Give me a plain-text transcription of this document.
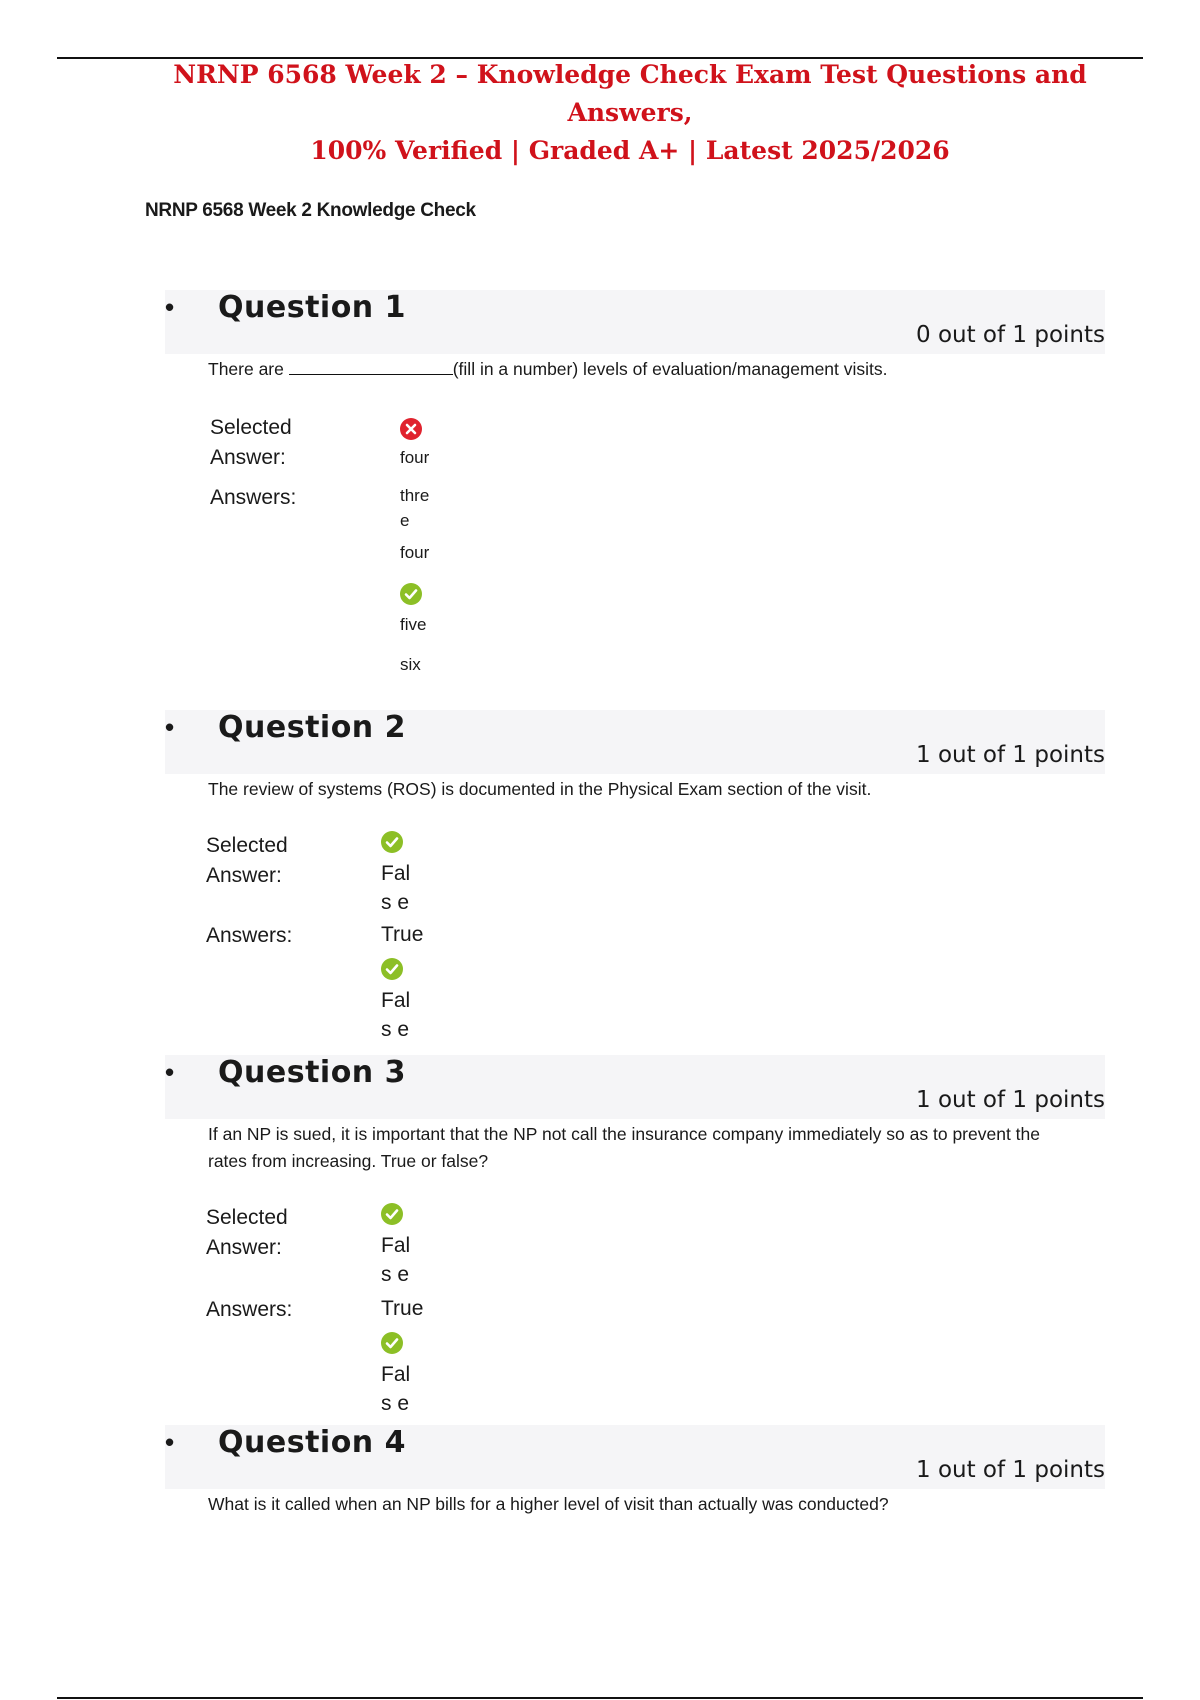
NRNP 6568 Week 2 – Knowledge Check Exam Test Questions and Answers,
100% Verified | Graded A+ | Latest 2025/2026
NRNP 6568 Week 2 Knowledge Check
• Question 1
0 out of 1 points
There are	(fill in a number) levels of evaluation/management visits.
Selected
Answer:
Answers:
four
thre e
four
five
six
• Question 2
1 out of 1 points
The review of systems (ROS) is documented in the Physical Exam section of the visit.
Selected
Answer:
Answers:
Fals e
True
Fals e
• Question 3
1 out of 1 points
If an NP is sued, it is important that the NP not call the insurance company immediately so as to prevent the rates from increasing. True or false?
Selected
Answer:
Answers:
Fals e
True
Fals e
• Question 4
1 out of 1 points
What is it called when an NP bills for a higher level of visit than actually was conducted?
